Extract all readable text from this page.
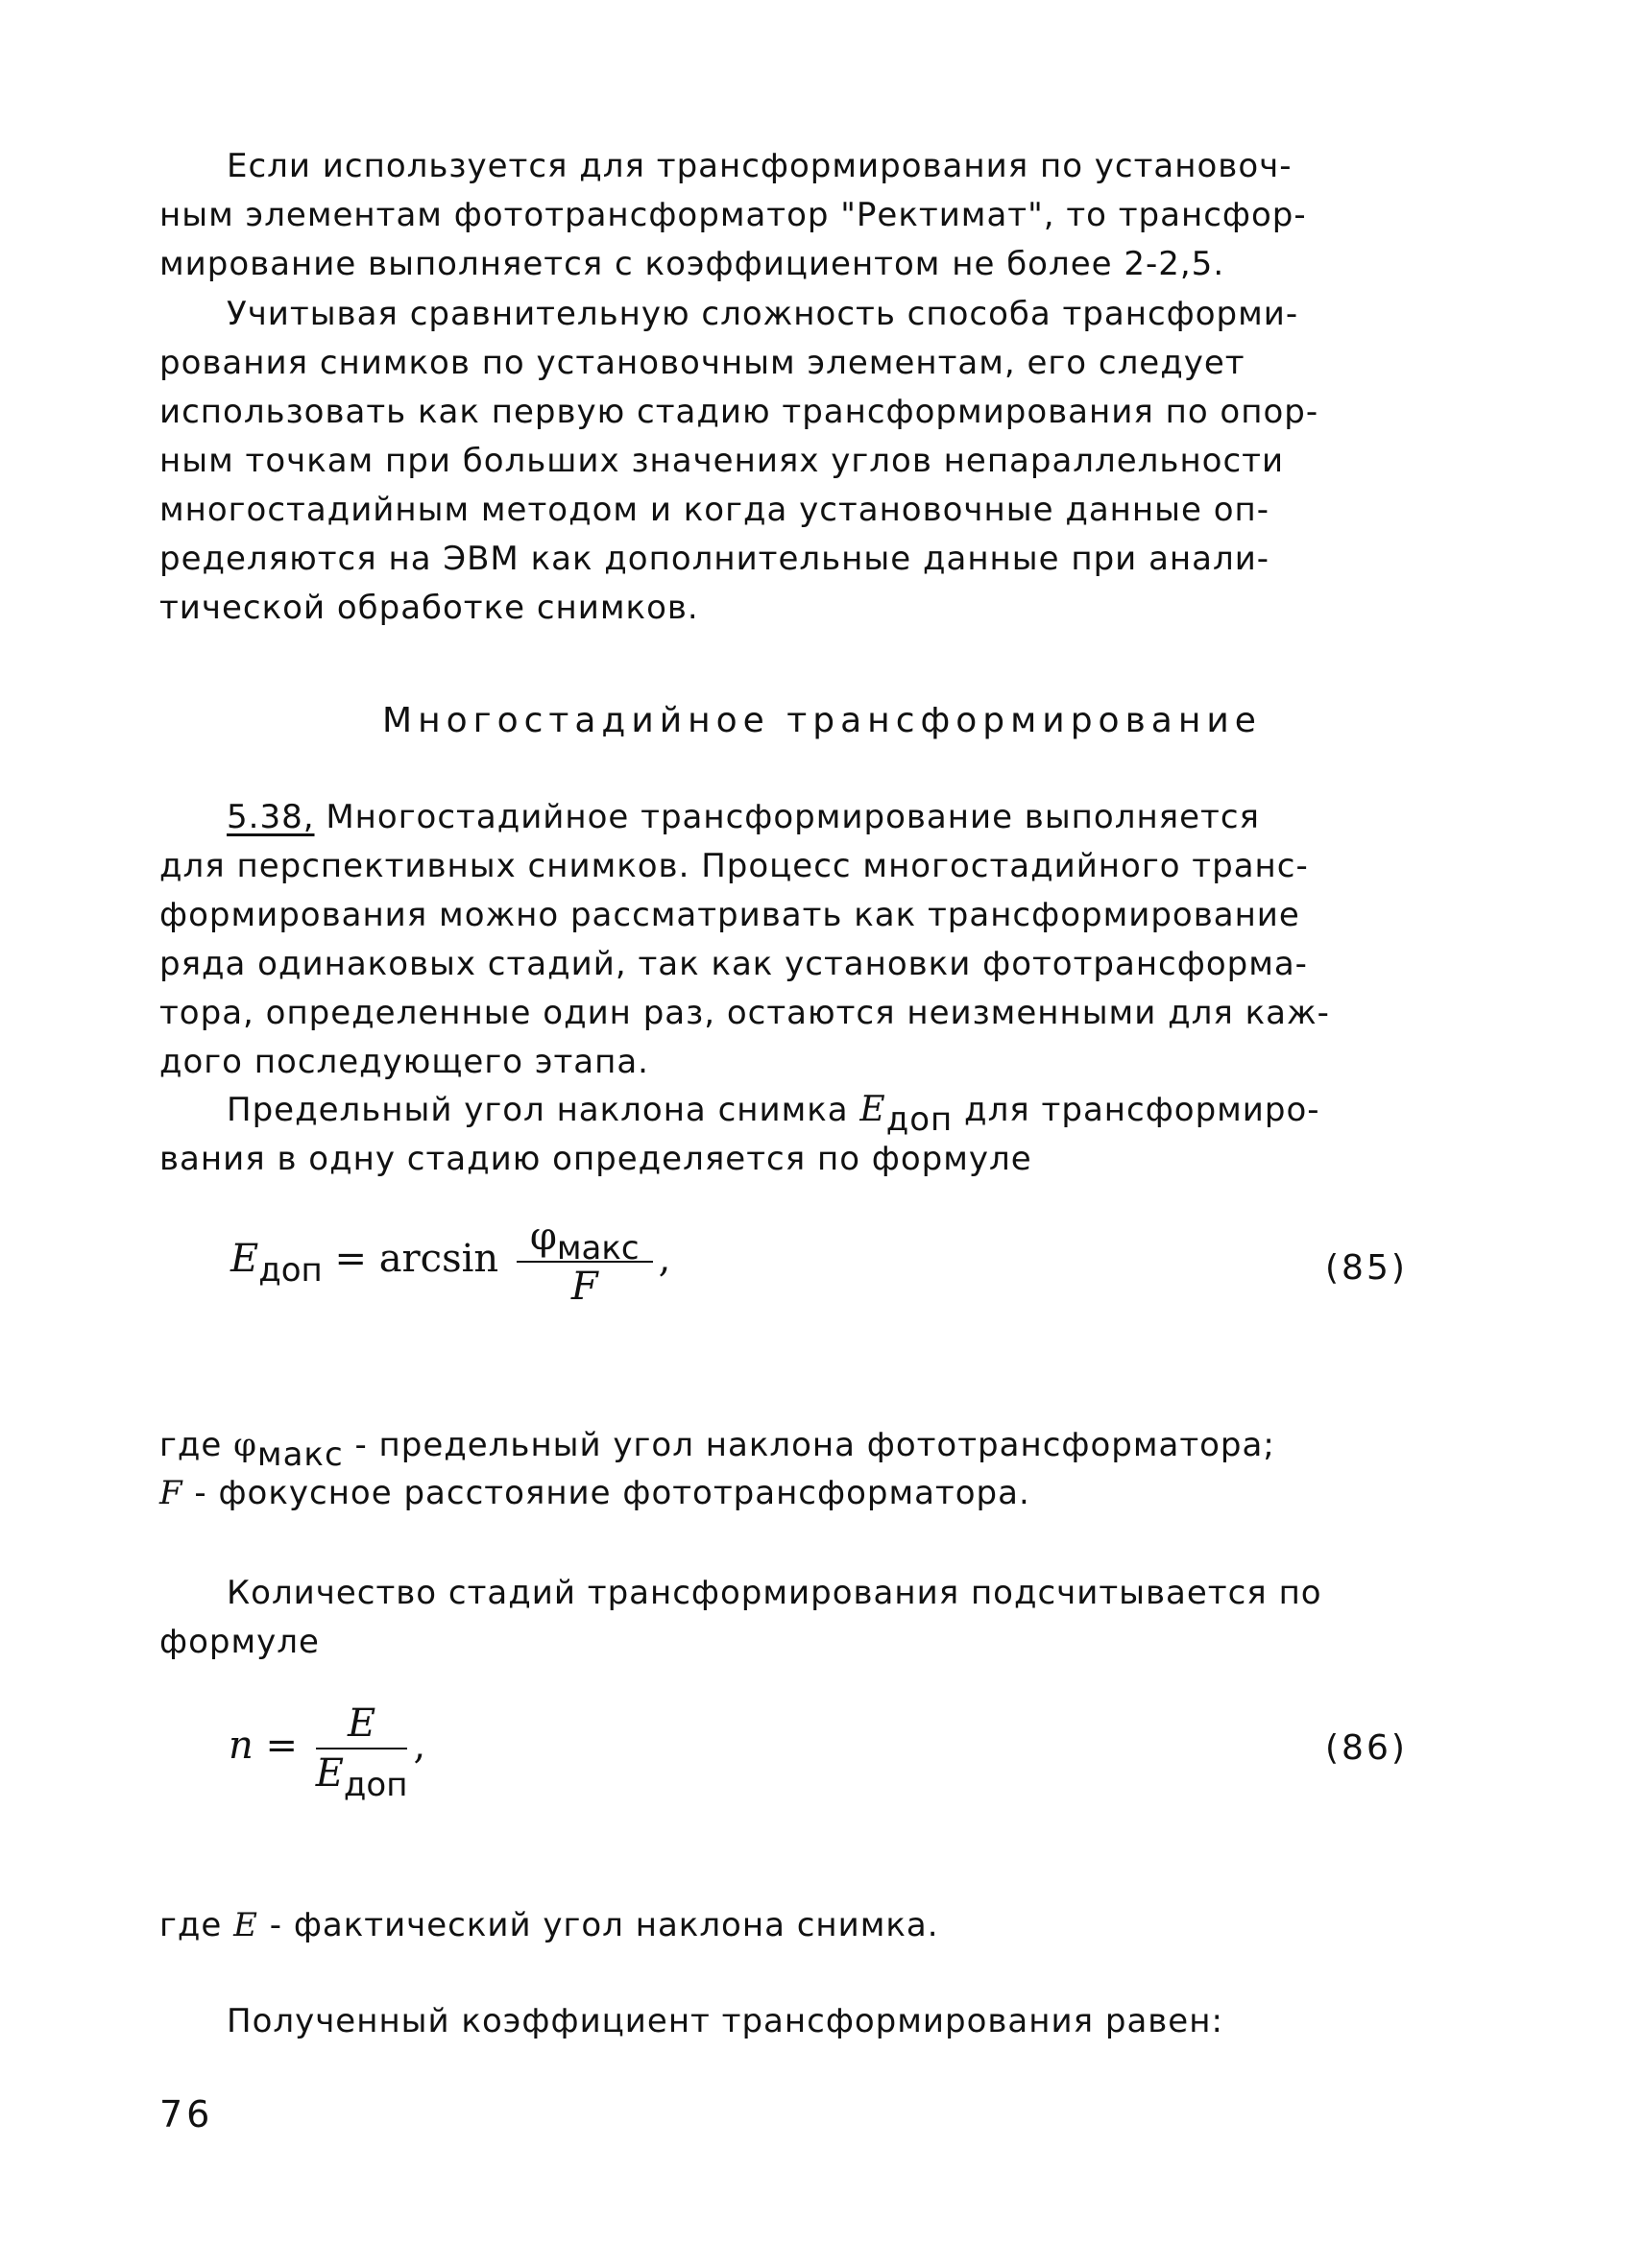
Если используется для трансформирования по установоч-
ным элементам фототрансформатор "Ректимат", то трансфор-
мирование выполняется с коэффициентом не более 2-2,5.

Учитывая сравнительную сложность способа трансформи-
рования снимков по установочным элементам, его следует
использовать как первую стадию трансформирования по опор-
ным точкам при больших значениях углов непараллельности
многостадийным методом и когда установочные данные оп-
ределяются на ЭВМ как дополнительные данные при анали-
тической обработке снимков.

Многостадийное трансформирование

5.38, Многостадийное трансформирование выполняется
для перспективных снимков. Процесс многостадийного транс-
формирования можно рассматривать как трансформирование
ряда одинаковых стадий, так как установки фототрансформа-
тора, определенные один раз, остаются неизменными для каж-
дого последующего этапа.

Предельный угол наклона снимка Eдоп для трансформиро-
вания в одну стадию определяется по формуле

$E_{доп} = \arcsin \frac{\varphi_{макс}}{F}$ ,	(85)

где φмакс - предельный угол наклона фототрансформатора;

F - фокусное расстояние фототрансформатора.

Количество стадий трансформирования подсчитывается по
формуле

$n = \frac{E}{E_{доп}}$ ,	(86)

где E - фактический угол наклона снимка.

Полученный коэффициент трансформирования равен:

76
